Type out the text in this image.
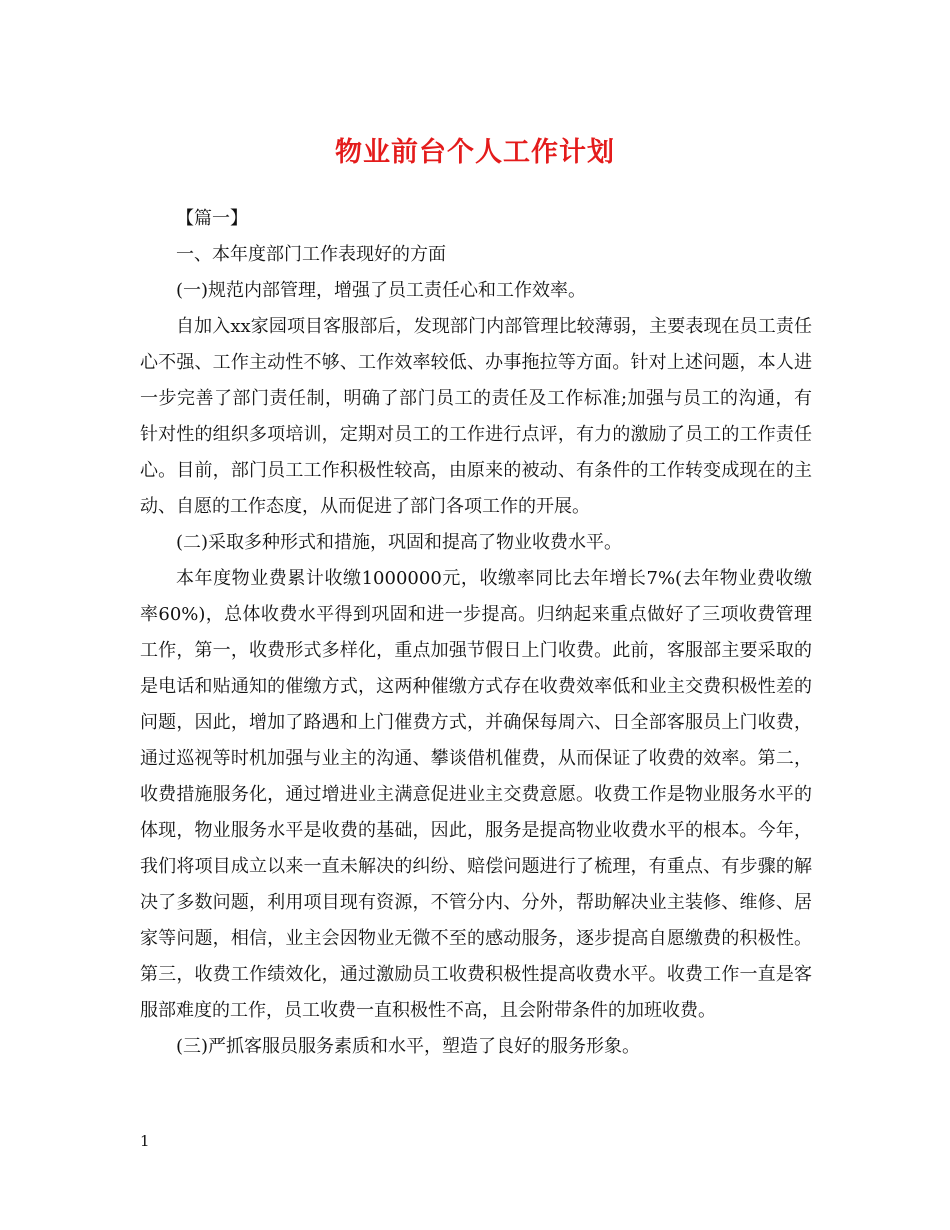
物业前台个人工作计划

【篇一】

一、本年度部门工作表现好的方面

(一)规范内部管理，增强了员工责任心和工作效率。

自加入xx家园项目客服部后，发现部门内部管理比较薄弱，主要表现在员工责任心不强、工作主动性不够、工作效率较低、办事拖拉等方面。针对上述问题，本人进一步完善了部门责任制，明确了部门员工的责任及工作标准;加强与员工的沟通，有针对性的组织多项培训，定期对员工的工作进行点评，有力的激励了员工的工作责任心。目前，部门员工工作积极性较高，由原来的被动、有条件的工作转变成现在的主动、自愿的工作态度，从而促进了部门各项工作的开展。

(二)采取多种形式和措施，巩固和提高了物业收费水平。

本年度物业费累计收缴1000000元，收缴率同比去年增长7%(去年物业费收缴率60%)，总体收费水平得到巩固和进一步提高。归纳起来重点做好了三项收费管理工作，第一，收费形式多样化，重点加强节假日上门收费。此前，客服部主要采取的是电话和贴通知的催缴方式，这两种催缴方式存在收费效率低和业主交费积极性差的问题，因此，增加了路遇和上门催费方式，并确保每周六、日全部客服员上门收费，通过巡视等时机加强与业主的沟通、攀谈借机催费，从而保证了收费的效率。第二，收费措施服务化，通过增进业主满意促进业主交费意愿。收费工作是物业服务水平的体现，物业服务水平是收费的基础，因此，服务是提高物业收费水平的根本。今年，我们将项目成立以来一直未解决的纠纷、赔偿问题进行了梳理，有重点、有步骤的解决了多数问题，利用项目现有资源，不管分内、分外，帮助解决业主装修、维修、居家等问题，相信，业主会因物业无微不至的感动服务，逐步提高自愿缴费的积极性。第三，收费工作绩效化，通过激励员工收费积极性提高收费水平。收费工作一直是客服部难度的工作，员工收费一直积极性不高，且会附带条件的加班收费。

(三)严抓客服员服务素质和水平，塑造了良好的服务形象。

1
